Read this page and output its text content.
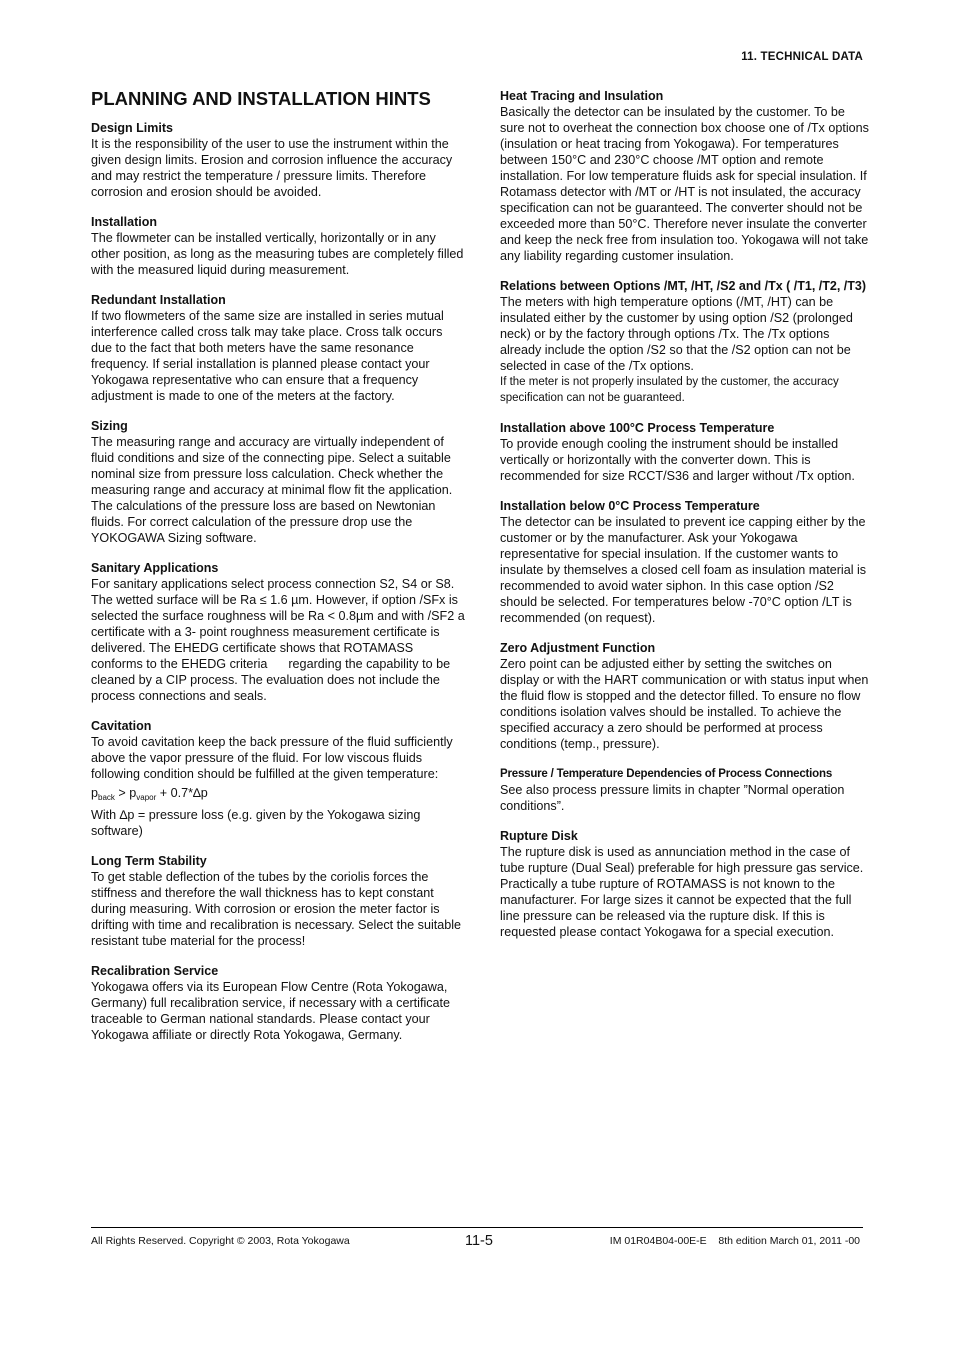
11. TECHNICAL DATA
PLANNING AND INSTALLATION HINTS
Design Limits

It is the responsibility of the user to use the instrument within the given design limits. Erosion and corrosion influence the accuracy and may restrict the temperature / pressure limits. Therefore corrosion and erosion should be avoided.

Installation

The flowmeter can be installed vertically, horizontally or in any other position, as long as the measuring tubes are completely filled with the measured liquid during measurement.

Redundant Installation

If two flowmeters of the same size are installed in series mutual interference called cross talk may take place. Cross talk occurs due to the fact that both meters have the same resonance frequency. If serial installation is planned please contact your Yokogawa representative who can ensure that a frequency adjustment is made to one of the meters at the factory.

Sizing

The measuring range and accuracy are virtually independent of fluid conditions and size of the connecting pipe. Select a suitable nominal size from pressure loss calculation. Check whether the measuring range and accuracy at minimal flow fit the application. The calculations of the pressure loss are based on Newtonian fluids. For correct calculation of the pressure drop use the YOKOGAWA Sizing software.

Sanitary Applications

For sanitary applications select process connection S2, S4 or S8. The wetted surface will be Ra ≤ 1.6 µm. However, if option /SFx is selected the surface roughness will be Ra < 0.8µm and with /SF2 a certificate with a 3- point roughness measurement certificate is delivered. The EHEDG certificate shows that ROTAMASS conforms to the EHEDG criteria      regarding the capability to be cleaned by a CIP process. The evaluation does not include the process connections and seals.

Cavitation

To avoid cavitation keep the back pressure of the fluid sufficiently above the vapor pressure of the fluid. For low viscous fluids following condition should be fulfilled at the given temperature:

$p_{back} > p_{vapor} + 0.7*\Delta p$

With ∆p = pressure loss (e.g. given by the Yokogawa sizing software)

Long Term Stability

To get stable deflection of the tubes by the coriolis forces the stiffness and therefore the wall thickness has to kept constant during measuring. With corrosion or erosion the meter factor is drifting with time and recalibration is necessary. Select the suitable resistant tube material for the process!

Recalibration Service

Yokogawa offers via its European Flow Centre (Rota Yokogawa, Germany) full recalibration service, if necessary with a certificate traceable to German national standards. Please contact your Yokogawa affiliate or directly Rota Yokogawa, Germany.

Heat Tracing and Insulation

Basically the detector can be insulated by the customer. To be sure not to overheat the connection box choose one of /Tx options (insulation or heat tracing from Yokogawa). For temperatures between 150°C and 230°C choose /MT option and remote installation. For low temperature fluids ask for special insulation. If Rotamass detector with /MT or /HT is not insulated, the accuracy specification can not be guaranteed. The converter should not be exceeded more than 50°C. Therefore never insulate the converter and keep the neck free from insulation too. Yokogawa will not take any liability regarding customer insulation.

Relations between Options /MT, /HT, /S2 and /Tx ( /T1, /T2, /T3)

The meters with high temperature options (/MT, /HT) can be insulated either by the customer by using option /S2 (prolonged neck) or by the factory through options /Tx. The /Tx options already include the option /S2 so that the /S2 option can not be selected in case of the /Tx options.

If the meter is not properly insulated by the customer, the accuracy specification can not be guaranteed.

Installation above 100°C Process Temperature

To provide enough cooling the instrument should be installed vertically or horizontally with the converter down. This is recommended for size RCCT/S36 and larger without /Tx option.

Installation below 0°C Process Temperature

The detector can be insulated to prevent ice capping either by the customer or by the manufacturer. Ask your Yokogawa representative for special insulation. If the customer wants to insulate by themselves a closed cell foam as insulation material is recommended to avoid water siphon. In this case option /S2 should be selected. For temperatures below -70°C option /LT is recommended (on request).

Zero Adjustment Function

Zero point can be adjusted either by setting the switches on display or with the HART communication or with status input when the fluid flow is stopped and the detector filled. To ensure no flow conditions isolation valves should be installed. To achieve the specified accuracy a zero should be performed at process conditions (temp., pressure).

Pressure / Temperature Dependencies of Process Connections

See also process pressure limits in chapter ”Normal operation conditions”.

Rupture Disk

The rupture disk is used as annunciation method in the case of tube rupture (Dual Seal) preferable for high pressure gas service. Practically a tube rupture of ROTAMASS is not known to the manufacturer. For large sizes it cannot be expected that the full line pressure can be released via the rupture disk. If this is requested please contact Yokogawa for a special execution.

All Rights Reserved. Copyright © 2003, Rota Yokogawa	11-5	IM 01R04B04-00E-E    8th edition March 01, 2011 -00
